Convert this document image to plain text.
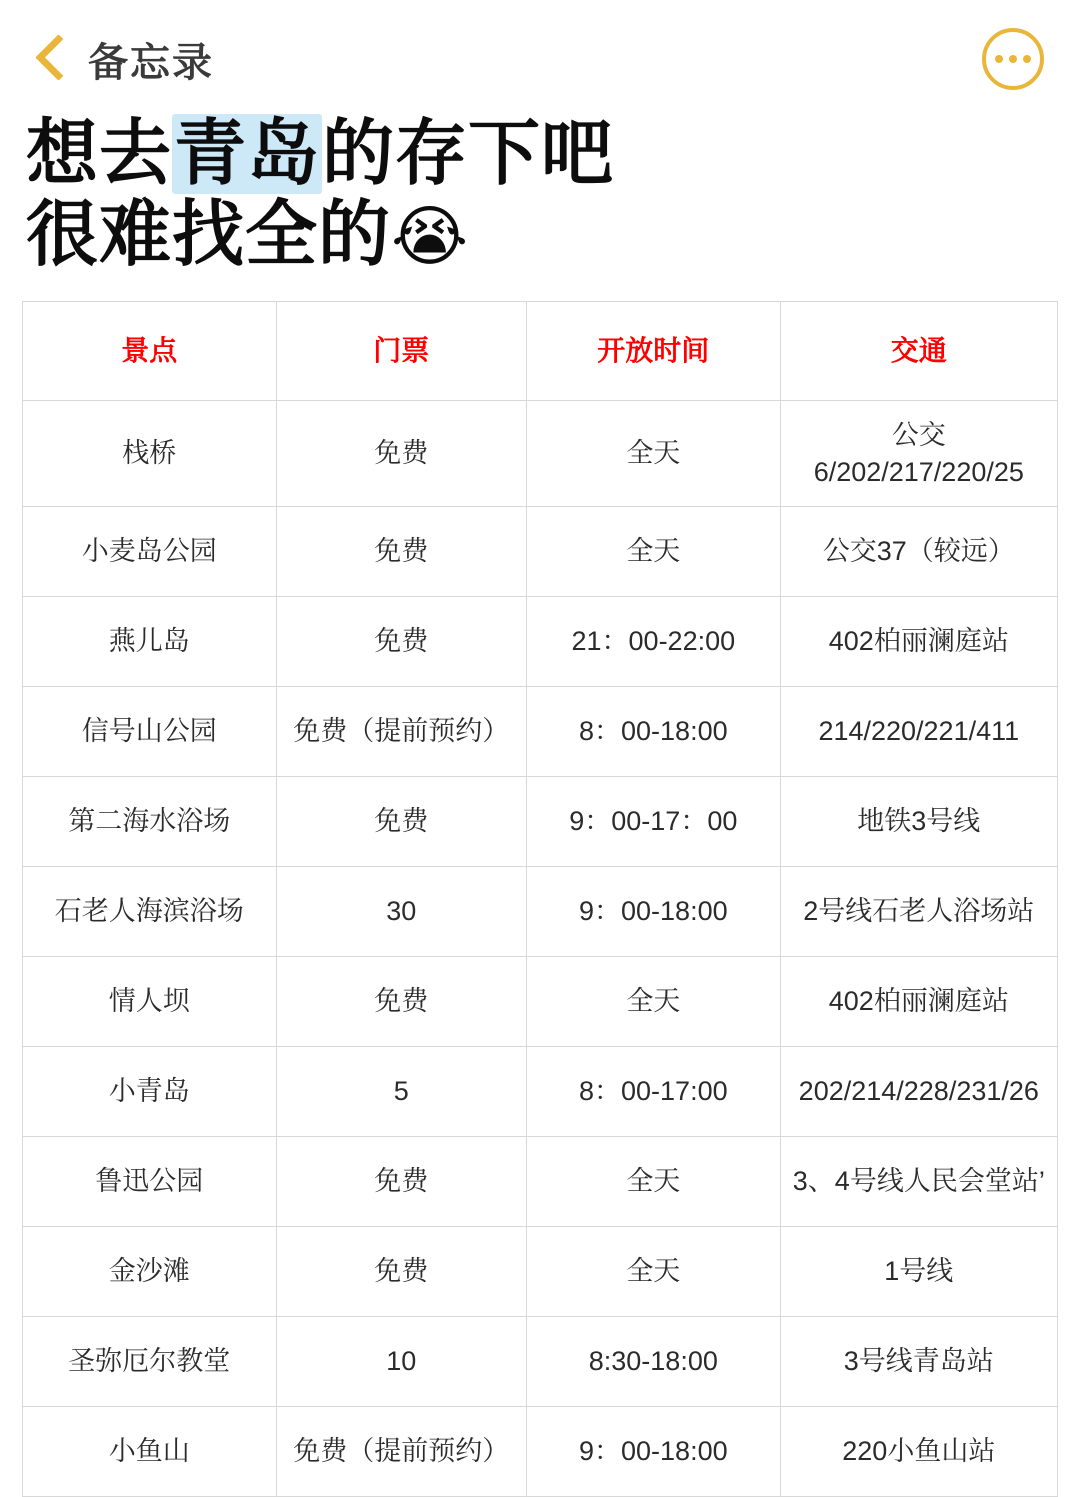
备忘录
想去青岛的存下吧
很难找全的😭
景点	门票	开放时间	交通
栈桥	免费	全天	公交
6/202/217/220/25
小麦岛公园	免费	全天	公交37（较远）
燕儿岛	免费	21：00-22:00	402柏丽澜庭站
信号山公园	免费（提前预约）	8：00-18:00	214/220/221/411
第二海水浴场	免费	9：00-17：00	地铁3号线
石老人海滨浴场	30	9：00-18:00	2号线石老人浴场站
情人坝	免费	全天	402柏丽澜庭站
小青岛	5	8：00-17:00	202/214/228/231/26
鲁迅公园	免费	全天	3、4号线人民会堂站’
金沙滩	免费	全天	1号线
圣弥厄尔教堂	10	8:30-18:00	3号线青岛站
小鱼山	免费（提前预约）	9：00-18:00	220小鱼山站
